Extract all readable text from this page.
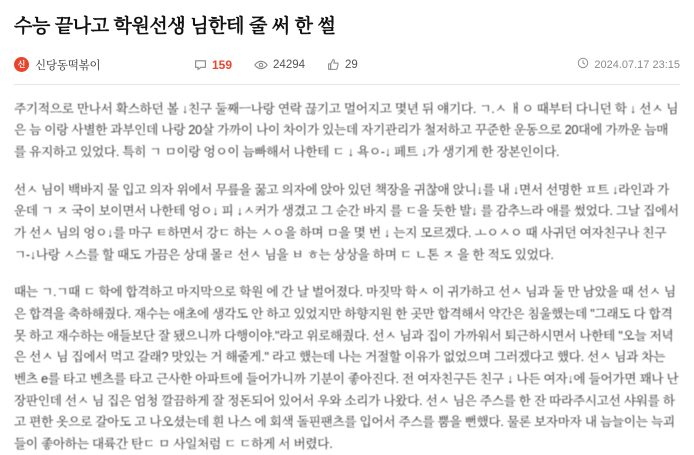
수능 끝나고 학원선생 님한테 줄 써 한 썰
신 신당동떡볶이	159	24294	29	2024.07.17 23:15

주기적으로 만나서 확스하던 볼 ↓친구 둘째ㅡ나랑 연락 끊기고 멀어지고 몇년 뒤 얘기다. ㄱ.ㅅ ㅐㅇ 때부터 다니던 학 ↓ 선ㅅ 님은 늠 이랑 사별한 과부인데 나랑 20살 가까이 나이 차이가 있는데 자기관리가 철저하고 꾸준한 운동으로 20대에 가까운 늠매를 유지하고 있었다. 특히 ㄱ ㅁ이랑 엉ㅇ이 늠빠해서 나한테 ㄷ ↓ 욕ㅇ-↓ 페트 ↓가 생기게 한 장본인이다.

선ㅅ 님이 백바지 물 입고 의자 위에서 무릎을 꿇고 의자에 앉아 있던 책장을 귀찮애 앉니↓를 내 ↓면서 선명한 ㅍ트 ↓라인과 가운데 ㄱ ㅈ 국이 보이면서 나한테 엉ㅇ↓ 피 ↓ㅅ커가 생겼고 그 순간 바지 를 ㄷ을 듯한 발↓ 를 감추느라 애를 썼었다. 그날 집에서가 선ㅅ 님의 엉ㅇ↓를 마구 ㅌ하면서 강ㄷ 하는 ㅅㅇ을 하며 ㅁ을 몇 번 ↓ 는지 모르겠다. ㅗㅇㅅㅇ 때 사귀던 여자친구나 친구 ㄱ-↓나랑 ㅅ스를 할 때도 가끔은 상대 몰ㄹ 선ㅅ 님을 ㅂ ㅎ는 상상을 하며 ㄷ ㄴ톤 ㅈ 을 한 적도 있었다.

때는 ㄱ.ㄱ때 ㄷ 학에 합격하고 마지막으로 학원 에 간 날 벌어졌다. 마짓막 학ㅅ 이 귀가하고 선ㅅ 님과 둘 만 남았을 때 선ㅅ 님은 합격을 축하해줬다. 재수는 애초에 생각도 안 하고 있었지만 하향지원 한 곳만 합격해서 약간은 침울했는데 "그래도 다 합격 못 하고 재수하는 애들보단 잘 됐으니까 다행이야."라고 위로해줬다. 선ㅅ 님과 집이 가까워서 퇴근하시면서 나한테 "오늘 저녁은 선ㅅ 님 집에서 먹고 갈래? 맛있는 거 해줄게." 라고 했는데 나는 거절할 이유가 없었으며 그러겠다고 했다. 선ㅅ 님과 차는 벤츠 e를 타고 벤츠를 타고 근사한 아파트에 들어가니까 기분이 좋아진다. 전 여자친구든 친구 ↓ 나든 여자↓에 들어가면 꽤나 난장판인데 선ㅅ 님 집은 엄청 깔끔하게 잘 정돈되어 있어서 우와 소리가 나왔다. 선ㅅ 님은 주스를 한 잔 따라주시고선 샤워를 하고 편한 옷으로 갈아도 고 나오셨는데 흰 나스 에 회색 돌핀팬츠를 입어서 주스를 뿜을 뻔했다. 물론 보자마자 내 늠늘이는 늑괴들이 좋아하는 대륙간 탄ㄷ ㅁ 사일처럼 ㄷ ㄷ하게 서 버렸다.
